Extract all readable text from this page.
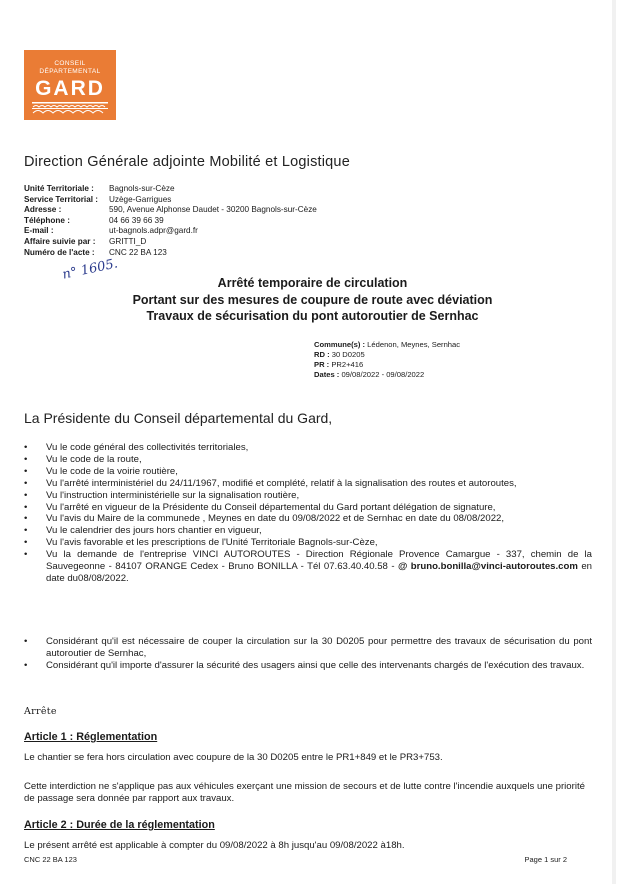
CONSEIL
DÉPARTEMENTAL
GARD
Direction Générale adjointe Mobilité et Logistique
Unité Territoriale :	Bagnols-sur-Cèze
Service Territorial :	Uzège-Garrigues
Adresse :	590, Avenue Alphonse Daudet - 30200 Bagnols-sur-Cèze
Téléphone :	04 66 39 66 39
E-mail :	ut-bagnols.adpr@gard.fr
Affaire suivie par :	GRITTI_D
Numéro de l'acte :	CNC 22 BA 123
n° 1605.
Arrêté temporaire de circulation
Portant sur des mesures de coupure de route avec déviation
Travaux de sécurisation du pont autoroutier de Sernhac
Commune(s) : Lédenon, Meynes, Sernhac
RD : 30 D0205
PR : PR2+416
Dates : 09/08/2022 - 09/08/2022
La Présidente du Conseil départemental du Gard,
• Vu le code général des collectivités territoriales,
• Vu le code de la route,
• Vu le code de la voirie routière,
• Vu l'arrêté interministériel du 24/11/1967, modifié et complété, relatif à la signalisation des routes et autoroutes,
• Vu l'instruction interministérielle sur la signalisation routière,
• Vu l'arrêté en vigueur de la Présidente du Conseil départemental du Gard portant délégation de signature,
• Vu l'avis du Maire de la communede , Meynes en date du 09/08/2022 et de Sernhac en date du 08/08/2022,
• Vu le calendrier des jours hors chantier en vigueur,
• Vu l'avis favorable et les prescriptions de l'Unité Territoriale Bagnols-sur-Cèze,
• Vu la demande de l'entreprise VINCI AUTOROUTES - Direction Régionale Provence Camargue - 337, chemin de la Sauvegeonne - 84107 ORANGE Cedex - Bruno BONILLA - Tél 07.63.40.40.58 - @ bruno.bonilla@vinci-autoroutes.com en date du08/08/2022.
• Considérant qu'il est nécessaire de couper la circulation sur la 30 D0205 pour permettre des travaux de sécurisation du pont autoroutier de Sernhac,
• Considérant qu'il importe d'assurer la sécurité des usagers ainsi que celle des intervenants chargés de l'exécution des travaux.
Arrête
Article 1 : Réglementation
Le chantier se fera hors circulation avec coupure de la 30 D0205 entre le PR1+849 et le PR3+753.
Cette interdiction ne s'applique pas aux véhicules exerçant une mission de secours et de lutte contre l'incendie auxquels une priorité de passage sera donnée par rapport aux travaux.
Article 2 : Durée de la réglementation
Le présent arrêté est applicable à compter du 09/08/2022 à 8h jusqu'au 09/08/2022 à18h.
CNC 22 BA 123	Page 1 sur 2
